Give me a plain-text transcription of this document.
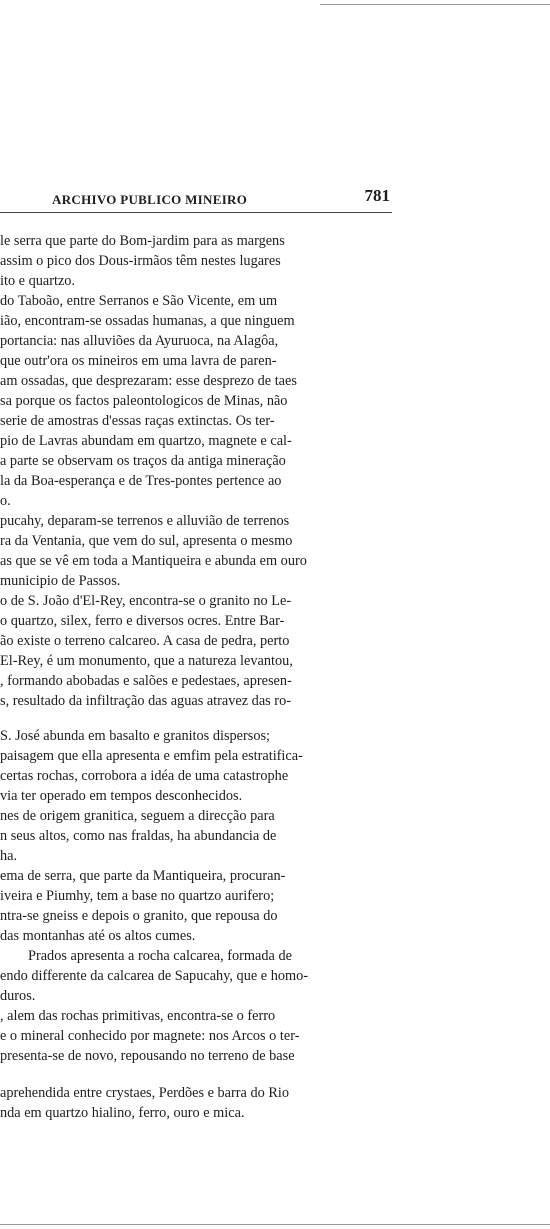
ARCHIVO PUBLICO MINEIRO	781
le serra que parte do Bom-jardim para as margens
assim o pico dos Dous-irmãos têm nestes lugares
ito e quartzo.
do Taboão, entre Serranos e São Vicente, em um
ião, encontram-se ossadas humanas, a que ninguem
portancia: nas alluviões da Ayuruoca, na Alagôa,
que outr'ora os mineiros em uma lavra de paren-
am ossadas, que desprezaram: esse desprezo de taes
sa porque os factos paleontologicos de Minas, não
serie de amostras d'essas raças extinctas. Os ter-
pio de Lavras abundam em quartzo, magnete e cal-
a parte se observam os traços da antiga mineração
la da Boa-esperança e de Tres-pontes pertence ao
o.
pucahy, deparam-se terrenos e alluvião de terrenos
ra da Ventania, que vem do sul, apresenta o mesmo
as que se vê em toda a Mantiqueira e abunda em ouro
municipio de Passos.
o de S. João d'El-Rey, encontra-se o granito no Le-
o quartzo, silex, ferro e diversos ocres. Entre Bar-
ão existe o terreno calcareo. A casa de pedra, perto
El-Rey, é um monumento, que a natureza levantou,
, formando abobadas e salões e pedestaes, apresen-
s, resultado da infiltração das aguas atravez das ro-
S. José abunda em basalto e granitos dispersos;
paisagem que ella apresenta e emfim pela estratifica-
certas rochas, corrobora a idéa de uma catastrophe
via ter operado em tempos desconhecidos.
nes de origem granitica, seguem a direcção para
n seus altos, como nas fraldas, ha abundancia de
ha.
ema de serra, que parte da Mantiqueira, procuran-
iveira e Piumhy, tem a base no quartzo aurifero;
ntra-se gneiss e depois o granito, que repousa do
das montanhas até os altos cumes.
Prados apresenta a rocha calcarea, formada de
endo differente da calcarea de Sapucahy, que e homo-
duros.
, alem das rochas primitivas, encontra-se o ferro
e o mineral conhecido por magnete: nos Arcos o ter-
presenta-se de novo, repousando no terreno de base
aprehendida entre crystaes, Perdões e barra do Rio
nda em quartzo hialino, ferro, ouro e mica.
